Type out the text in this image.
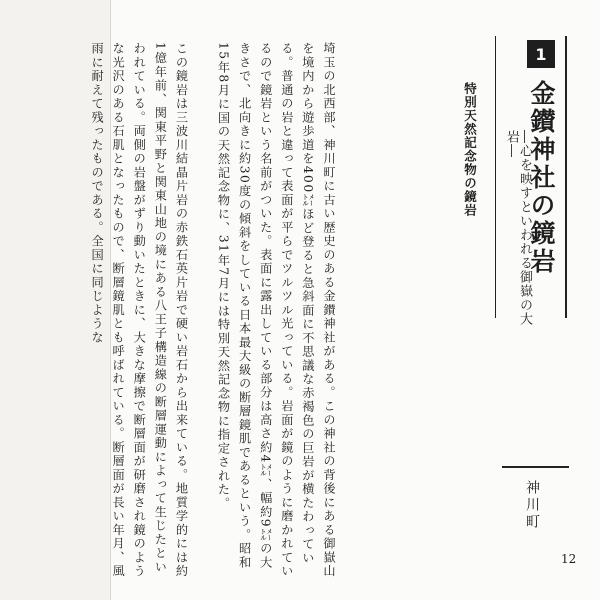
1
金鑚神社の鏡岩
―心を映すといわれる御嶽の大岩―
特別天然記念物の鏡岩

埼玉の北西部、神川町に古い歴史のある金鑚神社がある。この神社の背後にある御嶽山を境内から遊歩道を400㍍ほど登ると急斜面に不思議な赤褐色の巨岩が横たわっている。普通の岩と違って表面が平らでツルツル光っている。岩面が鏡のように磨かれているので鏡岩という名前がついた。表面に露出している部分は高さ約4㍍、幅約9㍍の大きさで、北向きに約30度の傾斜をしている日本最大級の断層鏡肌であるという。昭和15年8月に国の天然記念物に、31年7月には特別天然記念物に指定された。

この鏡岩は三波川結晶片岩の赤鉄石英片岩で硬い岩石から出来ている。地質学的には約1億年前、関東平野と関東山地の境にある八王子構造線の断層運動によって生じたといわれている。両側の岩盤がずり動いたときに、大きな摩擦で断層面が研磨され鏡のような光沢のある石肌となったもので、断層鏡肌とも呼ばれている。断層面が長い年月、風雨に耐えて残ったものである。全国に同じような

神川町
12
